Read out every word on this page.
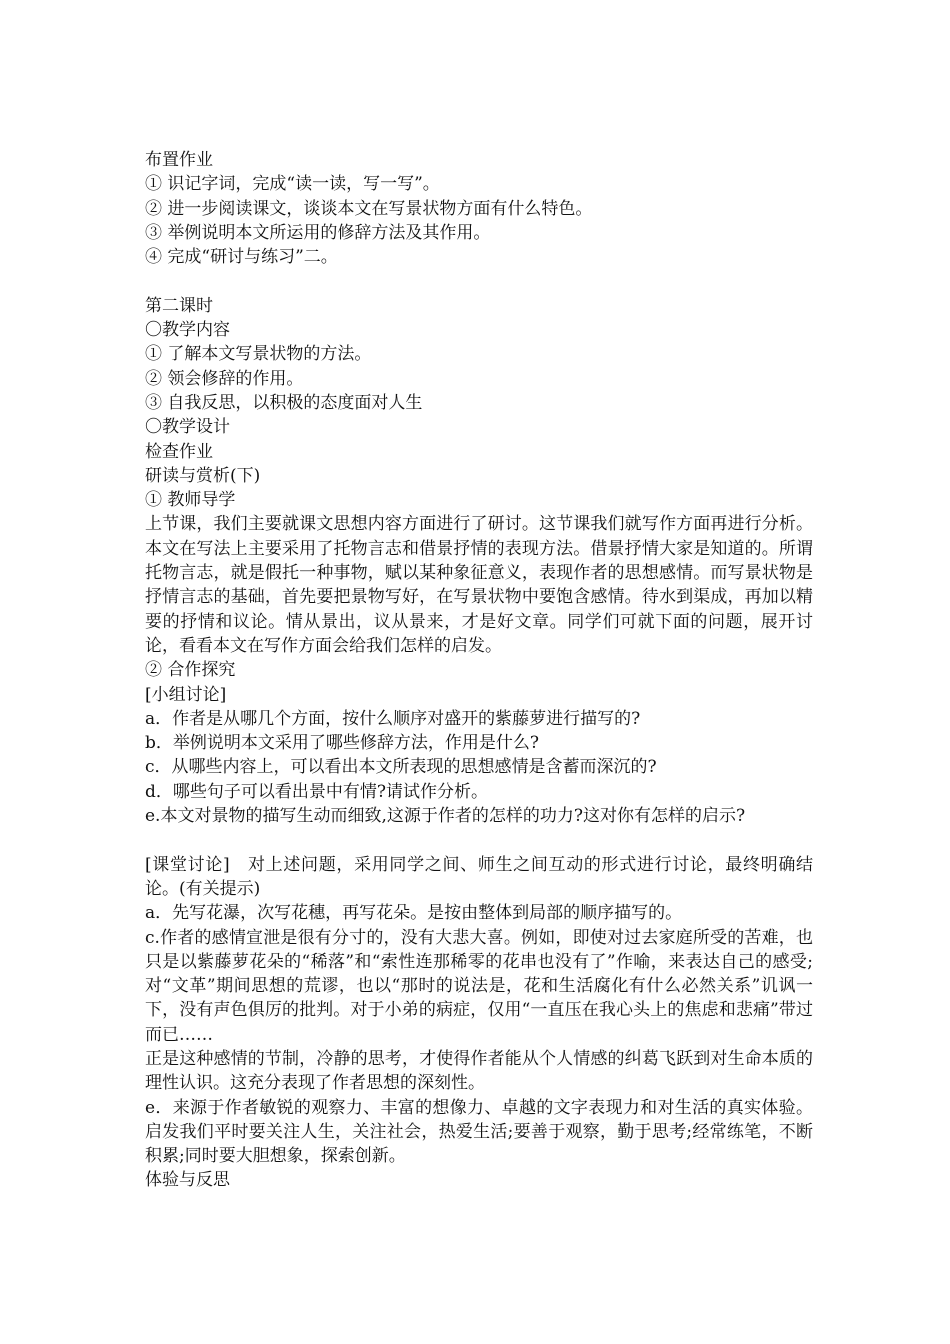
布置作业
① 识记字词，完成“读一读，写一写”。
② 进一步阅读课文，谈谈本文在写景状物方面有什么特色。
③ 举例说明本文所运用的修辞方法及其作用。
④ 完成“研讨与练习”二。
第二课时
〇教学内容
① 了解本文写景状物的方法。
② 领会修辞的作用。
③ 自我反思，以积极的态度面对人生
〇教学设计
检查作业
研读与赏析(下)
① 教师导学
上节课，我们主要就课文思想内容方面进行了研讨。这节课我们就写作方面再进行分析。本文在写法上主要采用了托物言志和借景抒情的表现方法。借景抒情大家是知道的。所谓托物言志，就是假托一种事物，赋以某种象征意义，表现作者的思想感情。而写景状物是抒情言志的基础，首先要把景物写好，在写景状物中要饱含感情。待水到渠成，再加以精要的抒情和议论。情从景出，议从景来，才是好文章。同学们可就下面的问题，展开讨论，看看本文在写作方面会给我们怎样的启发。
② 合作探究
[小组讨论]
a．作者是从哪几个方面，按什么顺序对盛开的紫藤萝进行描写的?
b．举例说明本文采用了哪些修辞方法，作用是什么?
c．从哪些内容上，可以看出本文所表现的思想感情是含蓄而深沉的?
d．哪些句子可以看出景中有情?请试作分析。
e.本文对景物的描写生动而细致,这源于作者的怎样的功力?这对你有怎样的启示?
[课堂讨论]　对上述问题，采用同学之间、师生之间互动的形式进行讨论，最终明确结论。(有关提示)
a．先写花瀑，次写花穗，再写花朵。是按由整体到局部的顺序描写的。
c.作者的感情宣泄是很有分寸的，没有大悲大喜。例如，即使对过去家庭所受的苦难，也只是以紫藤萝花朵的“稀落”和“索性连那稀零的花串也没有了”作喻，来表达自己的感受;对“文革”期间思想的荒谬，也以“那时的说法是，花和生活腐化有什么必然关系”讥讽一下，没有声色俱厉的批判。对于小弟的病症，仅用“一直压在我心头上的焦虑和悲痛”带过而已……
正是这种感情的节制，冷静的思考，才使得作者能从个人情感的纠葛飞跃到对生命本质的理性认识。这充分表现了作者思想的深刻性。
e．来源于作者敏锐的观察力、丰富的想像力、卓越的文字表现力和对生活的真实体验。启发我们平时要关注人生，关注社会，热爱生活;要善于观察，勤于思考;经常练笔，不断积累;同时要大胆想象，探索创新。
体验与反思
